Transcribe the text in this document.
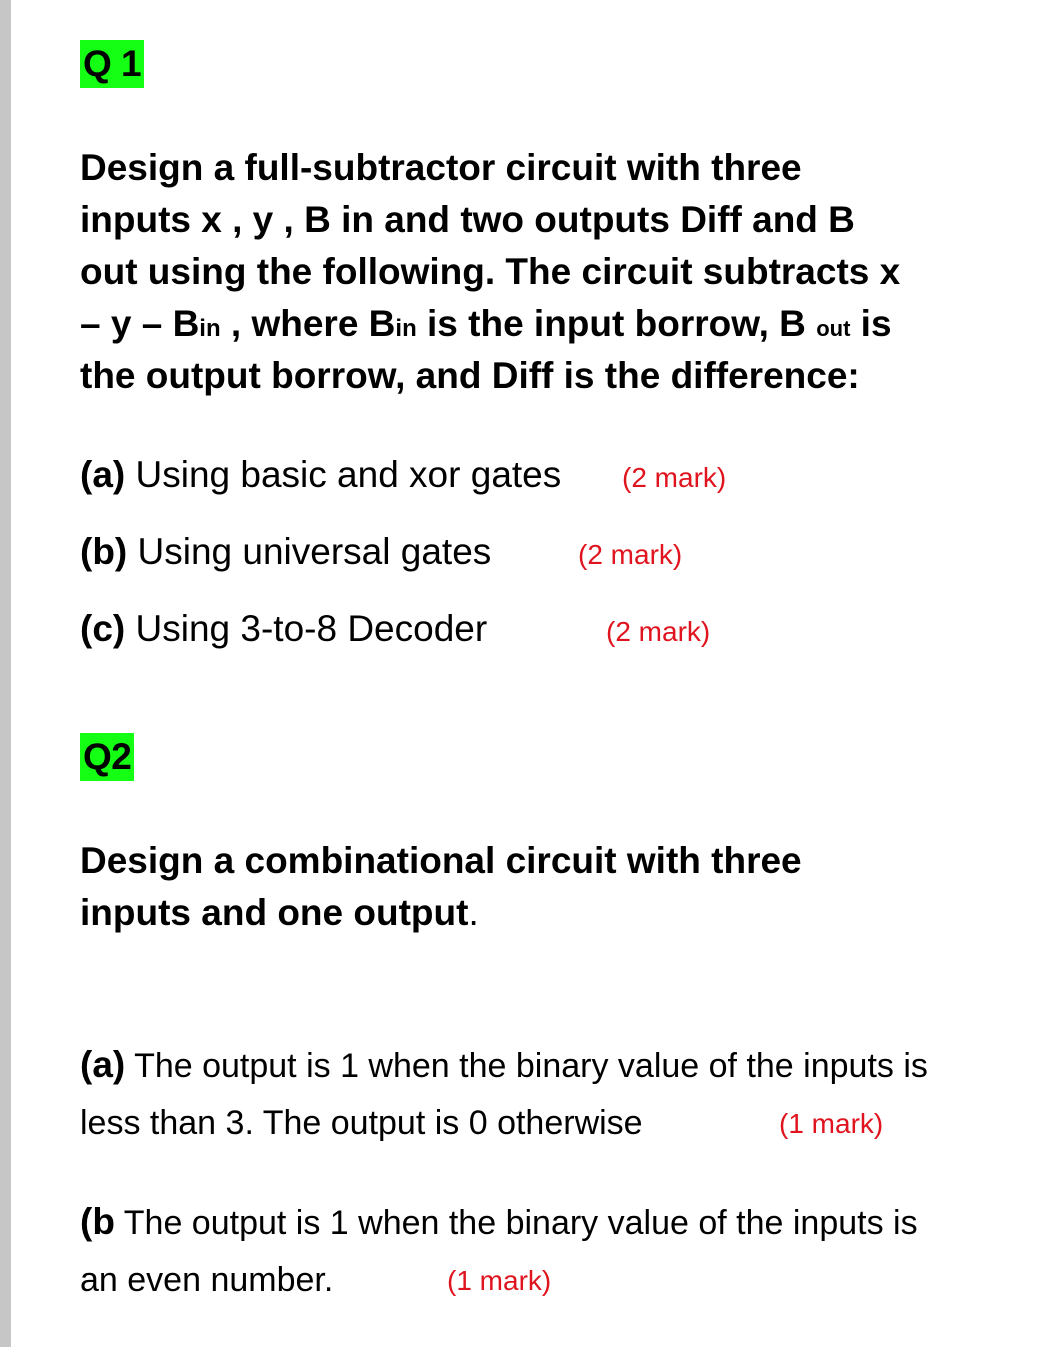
Q 1
Design a full-subtractor circuit with three
inputs x , y , B in and two outputs Diff and B
out using the following. The circuit subtracts x
– y – Bin , where Bin is the input borrow, B out is
the output borrow, and Diff is the difference:
(a) Using basic and xor gates (2 mark)
(b) Using universal gates	(2 mark)
(c) Using 3-to-8 Decoder	(2 mark)
Q2
Design a combinational circuit with three
inputs and one output.
(a) The output is 1 when the binary value of the inputs is
less than 3. The output is 0 otherwise	(1 mark)
(b The output is 1 when the binary value of the inputs is
an even number.	(1 mark)
